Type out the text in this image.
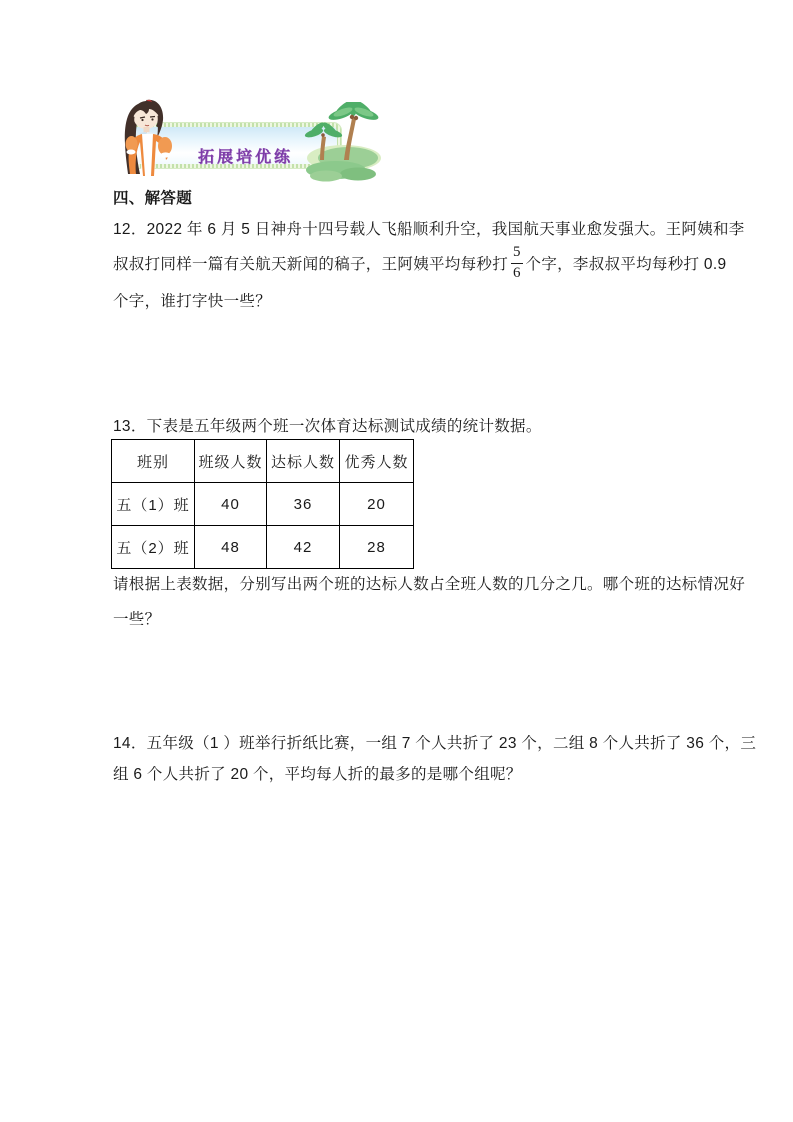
拓展培优练
四、解答题
12．2022 年 6 月 5 日神舟十四号载人飞船顺利升空，我国航天事业愈发强大。王阿姨和李
叔叔打同样一篇有关航天新闻的稿子，王阿姨平均每秒打 $\frac{5}{6}$ 个字，李叔叔平均每秒打 0.9
个字，谁打字快一些？
13．下表是五年级两个班一次体育达标测试成绩的统计数据。
班别	班级人数	达标人数	优秀人数
五（1）班	40	36	20
五（2）班	48	42	28
请根据上表数据，分别写出两个班的达标人数占全班人数的几分之几。哪个班的达标情况好
一些？
14．五年级（1 ）班举行折纸比赛，一组 7 个人共折了 23 个，二组 8 个人共折了 36 个，三
组 6 个人共折了 20 个，平均每人折的最多的是哪个组呢？
